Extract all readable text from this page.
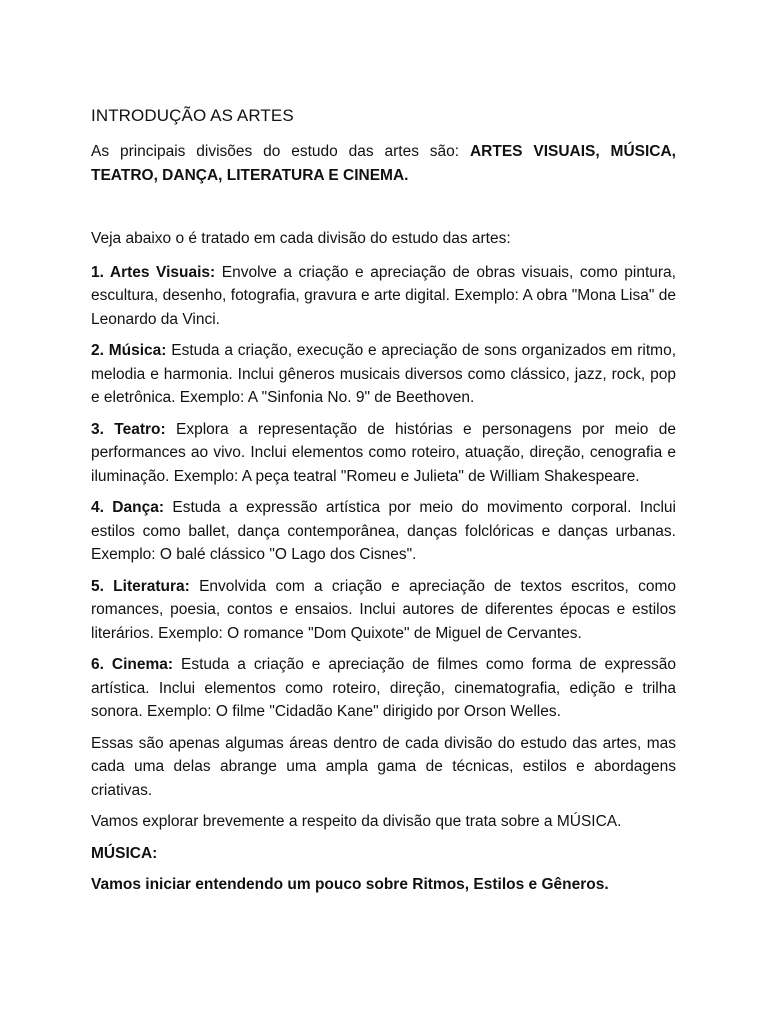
INTRODUÇÃO AS ARTES

As principais divisões do estudo das artes são: ARTES VISUAIS, MÚSICA, TEATRO, DANÇA, LITERATURA E CINEMA.

Veja abaixo o é tratado em cada divisão do estudo das artes:

1. Artes Visuais: Envolve a criação e apreciação de obras visuais, como pintura, escultura, desenho, fotografia, gravura e arte digital. Exemplo: A obra "Mona Lisa" de Leonardo da Vinci.

2. Música: Estuda a criação, execução e apreciação de sons organizados em ritmo, melodia e harmonia. Inclui gêneros musicais diversos como clássico, jazz, rock, pop e eletrônica. Exemplo: A "Sinfonia No. 9" de Beethoven.

3. Teatro: Explora a representação de histórias e personagens por meio de performances ao vivo. Inclui elementos como roteiro, atuação, direção, cenografia e iluminação. Exemplo: A peça teatral "Romeu e Julieta" de William Shakespeare.

4. Dança: Estuda a expressão artística por meio do movimento corporal. Inclui estilos como ballet, dança contemporânea, danças folclóricas e danças urbanas. Exemplo: O balé clássico "O Lago dos Cisnes".

5. Literatura: Envolvida com a criação e apreciação de textos escritos, como romances, poesia, contos e ensaios. Inclui autores de diferentes épocas e estilos literários. Exemplo: O romance "Dom Quixote" de Miguel de Cervantes.

6. Cinema: Estuda a criação e apreciação de filmes como forma de expressão artística. Inclui elementos como roteiro, direção, cinematografia, edição e trilha sonora. Exemplo: O filme "Cidadão Kane" dirigido por Orson Welles.

Essas são apenas algumas áreas dentro de cada divisão do estudo das artes, mas cada uma delas abrange uma ampla gama de técnicas, estilos e abordagens criativas.

Vamos explorar brevemente a respeito da divisão que trata sobre a MÚSICA.

MÚSICA:

Vamos iniciar entendendo um pouco sobre Ritmos, Estilos e Gêneros.
